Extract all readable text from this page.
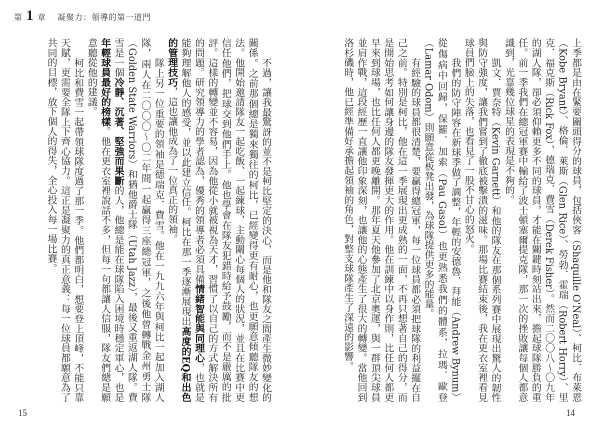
第 1 章 凝聚力：領導的第一道門

不過，讓我最驚訝的並不是柯比堅定的決心，而是他和隊友之間產生微妙變化的關係。之前那個總是獨來獨往的柯比，已經變得更有耐心，也更願意傾聽隊友的想法。他開始邀請隊友一起吃飯、一起練球，主動關心每個人的狀況，並且在比賽中更信任他們，把球交到他們手上。他也學會在隊友犯錯時給予鼓勵，而不是嚴厲的批評。這樣的轉變並不容易，因為他從小就被視為天才，習慣了以自己的方式解決所有的問題。研究領導力的學者認為，優秀的領導者必須具備情緒智能與同理心，也就是能夠理解他人的感受，並以此建立信任。柯比在那一季逐漸展現出高度的EQ和出色的管理技巧，這也讓他成為了一位真正的領袖。

隊上另一位重要的領袖是德瑞克．費雪。他在一九九六年與柯比一起加入湖人隊，兩人在二〇〇〇～〇二年間一起贏得三座總冠軍，之後他曾轉戰金州勇士隊（Golden State Warriors）和猶他爵士隊（Utah Jazz），最後又重返湖人隊。費雪是一個冷靜、沉著、堅強而果斷的人，他總是能在球隊陷入困境時穩定軍心，也是年輕球員最好的榜樣。他在更衣室裡說話不多，但每一句都讓人信服，隊友們總是願意聽從他的建議。

柯比和費雪一起帶領球隊度過了那一季。他們都明白，想要登上頂峰，不能只靠天賦，更需要全隊上下齊心協力。這正是凝聚力的真正意義：每一位球員都願意為了共同的目標，放下個人的得失，全心投入每一場比賽。

15

上季都是由在緊要關頭得分的球員，包括俠客（Shaquille O'Neal）、柯比．布萊恩（Kobe Bryant）、格倫．萊斯（Glen Rice）、勞勃．霍瑞（Robert Horry）、里克．福克斯（Rick Fox）、德瑞克．費雪（Derek Fisher）。然而二〇〇八～〇九年的湖人隊，卻必須仰賴更多不同的球員，才能在關鍵時刻站出來，擔起球隊勝負的重任。前一季我們在總冠軍賽中輸給了波士頓塞爾提克隊，那一次的挫敗讓每個人都意識到，光靠幾位球星的表現是不夠的。

凱文．賈奈特（Kevin Garnett）和他的隊友在那個系列賽中展現出驚人的韌性與防守強度，讓我們嘗到了徹底被擊潰的滋味。那場比賽結束後，我在更衣室裡看見球員們臉上的失落，也看見了一股不甘心的怒火。

我們的防守陣容在新球季做了調整，年輕的安德魯．拜能（Andrew Bynum）從傷病中回歸，保羅．加索（Pau Gasol）也更熟悉我們的體系，拉瑪．歐登（Lamar Odom）則願意從板凳出發，為球隊提供更多的能量。

有經驗的球員都很清楚，要贏得總冠軍，每一位球員都必須把球隊的利益擺在自己之前。特別是柯比，他在這一季展現出更成熟的一面，不再只想著自己的得分，而是開始思考如何讓身邊的隊友發揮更大的作用。他在訓練中以身作則，比任何人都更早來到球場，也比任何人都更晚離開。那年夏天他參加了北京奧運，與一群頂尖球員並肩作戰，這段經歷一直讓他印象深刻，也讓他的心態產生了很大的轉變。當他回到洛杉磯時，他已經準備好承擔起領袖的角色，對整支球隊產生了深遠的影響。

14
